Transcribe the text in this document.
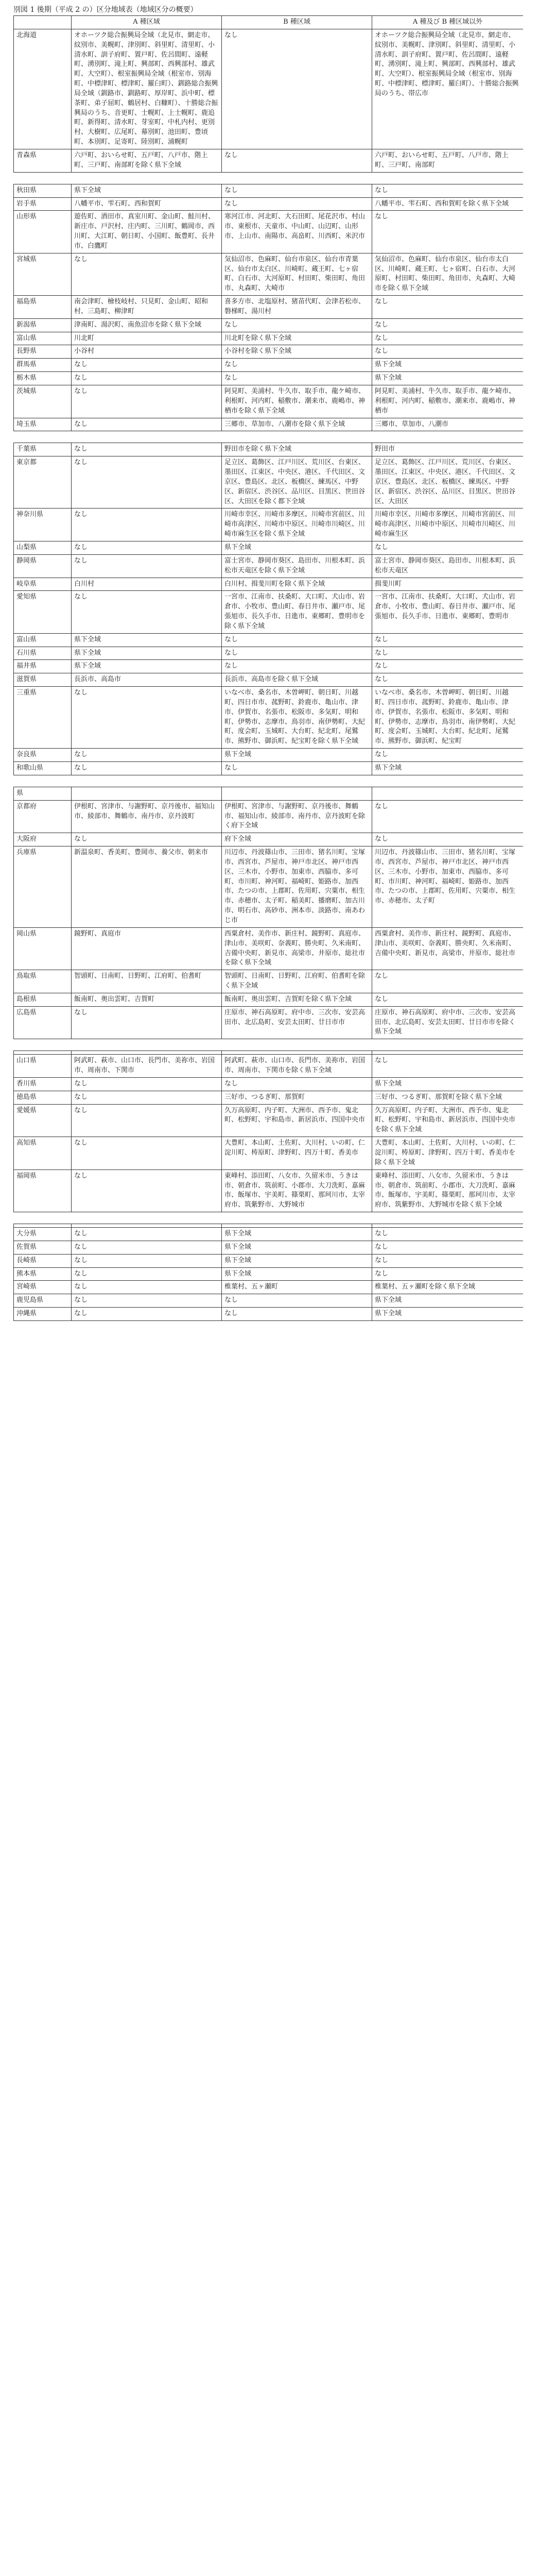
別図 1 後期（平成 2 の）区分地域表（地域区分の概要）
	A 種区域	B 種区域	A 種及び B 種区域以外
北海道	オホーツク総合振興局全域（北見市、網走市、紋別市、美幌町、津別町、斜里町、清里町、小清水町、訓子府町、置戸町、佐呂間町、遠軽町、湧別町、滝上町、興部町、西興部村、雄武町、大空町）、根室振興局全域（根室市、別海町、中標津町、標津町、羅臼町）、釧路総合振興局全域（釧路市、釧路町、厚岸町、浜中町、標茶町、弟子屈町、鶴居村、白糠町）、十勝総合振興局のうち、音更町、士幌町、上士幌町、鹿追町、新得町、清水町、芽室町、中札内村、更別村、大樹町、広尾町、幕別町、池田町、豊頃町、本別町、足寄町、陸別町、浦幌町	なし	オホーツク総合振興局全域（北見市、網走市、紋別市、美幌町、津別町、斜里町、清里町、小清水町、訓子府町、置戸町、佐呂間町、遠軽町、湧別町、滝上町、興部町、西興部村、雄武町、大空町）、根室振興局全域（根室市、別海町、中標津町、標津町、羅臼町）、十勝総合振興局のうち、帯広市
青森県	六戸町、おいらせ町、五戸町、八戸市、階上町、三戸町、南部町を除く県下全域	なし	六戸町、おいらせ町、五戸町、八戸市、階上町、三戸町、南部町

秋田県	県下全域	なし	なし
岩手県	八幡平市、雫石町、西和賀町	なし	八幡平市、雫石町、西和賀町を除く県下全域
山形県	遊佐町、酒田市、真室川町、金山町、鮭川村、新庄市、戸沢村、庄内町、三川町、鶴岡市、西川町、大江町、朝日町、小国町、飯豊町、長井市、白鷹町	寒河江市、河北町、大石田町、尾花沢市、村山市、東根市、天童市、中山町、山辺町、山形市、上山市、南陽市、高畠町、川西町、米沢市	なし
宮城県	なし	気仙沼市、色麻町、仙台市泉区、仙台市青葉区、仙台市太白区、川崎町、蔵王町、七ヶ宿町、白石市、大河原町、村田町、柴田町、角田市、丸森町、大崎市	気仙沼市、色麻町、仙台市泉区、仙台市太白区、川崎町、蔵王町、七ヶ宿町、白石市、大河原町、村田町、柴田町、角田市、丸森町、大崎市を除く県下全域
福島県	南会津町、檜枝岐村、只見町、金山町、昭和村、三島町、柳津町	喜多方市、北塩原村、猪苗代町、会津若松市、磐梯町、湯川村	なし
新潟県	津南町、湯沢町、南魚沼市を除く県下全域	なし	なし
富山県	川北町	川北町を除く県下全域	なし
長野県	小谷村	小谷村を除く県下全域	なし
群馬県	なし	なし	県下全域
栃木県	なし	なし	県下全域
茨城県	なし	阿見町、美浦村、牛久市、取手市、龍ケ崎市、利根町、河内町、稲敷市、潮来市、鹿嶋市、神栖市を除く県下全域	阿見町、美浦村、牛久市、取手市、龍ケ崎市、利根町、河内町、稲敷市、潮来市、鹿嶋市、神栖市
埼玉県	なし	三郷市、草加市、八潮市を除く県下全域	三郷市、草加市、八潮市

千葉県	なし	野田市を除く県下全域	野田市
東京都	なし	足立区、葛飾区、江戸川区、荒川区、台東区、墨田区、江東区、中央区、港区、千代田区、文京区、豊島区、北区、板橋区、練馬区、中野区、新宿区、渋谷区、品川区、目黒区、世田谷区、大田区を除く都下全域	足立区、葛飾区、江戸川区、荒川区、台東区、墨田区、江東区、中央区、港区、千代田区、文京区、豊島区、北区、板橋区、練馬区、中野区、新宿区、渋谷区、品川区、目黒区、世田谷区、大田区
神奈川県	なし	川崎市幸区、川崎市多摩区、川崎市宮前区、川崎市高津区、川崎市中原区、川崎市川崎区、川崎市麻生区を除く県下全域	川崎市幸区、川崎市多摩区、川崎市宮前区、川崎市高津区、川崎市中原区、川崎市川崎区、川崎市麻生区
山梨県	なし	県下全域	なし
静岡県	なし	富士宮市、静岡市葵区、島田市、川根本町、浜松市天竜区を除く県下全域	富士宮市、静岡市葵区、島田市、川根本町、浜松市天竜区
岐阜県	白川村	白川村、揖斐川町を除く県下全域	揖斐川町
愛知県	なし	一宮市、江南市、扶桑町、大口町、犬山市、岩倉市、小牧市、豊山町、春日井市、瀬戸市、尾張旭市、長久手市、日進市、東郷町、豊明市を除く県下全域	一宮市、江南市、扶桑町、大口町、犬山市、岩倉市、小牧市、豊山町、春日井市、瀬戸市、尾張旭市、長久手市、日進市、東郷町、豊明市
富山県	県下全域	なし	なし
石川県	県下全域	なし	なし
福井県	県下全域	なし	なし
滋賀県	長浜市、高島市	長浜市、高島市を除く県下全域	なし
三重県	なし	いなべ市、桑名市、木曽岬町、朝日町、川越町、四日市市、菰野町、鈴鹿市、亀山市、津市、伊賀市、名張市、松阪市、多気町、明和町、伊勢市、志摩市、鳥羽市、南伊勢町、大紀町、度会町、玉城町、大台町、紀北町、尾鷲市、熊野市、御浜町、紀宝町を除く県下全域	いなべ市、桑名市、木曽岬町、朝日町、川越町、四日市市、菰野町、鈴鹿市、亀山市、津市、伊賀市、名張市、松阪市、多気町、明和町、伊勢市、志摩市、鳥羽市、南伊勢町、大紀町、度会町、玉城町、大台町、紀北町、尾鷲市、熊野市、御浜町、紀宝町
奈良県	なし	県下全域	なし
和歌山県	なし	なし	県下全域

県			
京都府	伊根町、宮津市、与謝野町、京丹後市、福知山市、綾部市、舞鶴市、南丹市、京丹波町	伊根町、宮津市、与謝野町、京丹後市、舞鶴市、福知山市、綾部市、南丹市、京丹波町を除く府下全域	なし
大阪府	なし	府下全域	なし
兵庫県	新温泉町、香美町、豊岡市、養父市、朝来市	川辺市、丹波篠山市、三田市、猪名川町、宝塚市、西宮市、芦屋市、神戸市北区、神戸市西区、三木市、小野市、加東市、西脇市、多可町、市川町、神河町、福崎町、姫路市、加西市、たつの市、上郡町、佐用町、宍粟市、相生市、赤穂市、太子町、稲美町、播磨町、加古川市、明石市、高砂市、洲本市、淡路市、南あわじ市	川辺市、丹波篠山市、三田市、猪名川町、宝塚市、西宮市、芦屋市、神戸市北区、神戸市西区、三木市、小野市、加東市、西脇市、多可町、市川町、神河町、福崎町、姫路市、加西市、たつの市、上郡町、佐用町、宍粟市、相生市、赤穂市、太子町
岡山県	鏡野町、真庭市	西粟倉村、美作市、新庄村、鏡野町、真庭市、津山市、美咲町、奈義町、勝央町、久米南町、吉備中央町、新見市、高梁市、井原市、総社市を除く県下全域	西粟倉村、美作市、新庄村、鏡野町、真庭市、津山市、美咲町、奈義町、勝央町、久米南町、吉備中央町、新見市、高梁市、井原市、総社市
鳥取県	智頭町、日南町、日野町、江府町、伯耆町	智頭町、日南町、日野町、江府町、伯耆町を除く県下全域	なし
島根県	飯南町、奥出雲町、吉賀町	飯南町、奥出雲町、吉賀町を除く県下全域	なし
広島県	なし	庄原市、神石高原町、府中市、三次市、安芸高田市、北広島町、安芸太田町、廿日市市	庄原市、神石高原町、府中市、三次市、安芸高田市、北広島町、安芸太田町、廿日市市を除く県下全域

山口県	阿武町、萩市、山口市、長門市、美祢市、岩国市、周南市、下関市	阿武町、萩市、山口市、長門市、美祢市、岩国市、周南市、下関市を除く県下全域	なし
香川県	なし	なし	県下全域
徳島県	なし	三好市、つるぎ町、那賀町	三好市、つるぎ町、那賀町を除く県下全域
愛媛県	なし	久万高原町、内子町、大洲市、西予市、鬼北町、松野町、宇和島市、新居浜市、四国中央市	久万高原町、内子町、大洲市、西予市、鬼北町、松野町、宇和島市、新居浜市、四国中央市を除く県下全域
高知県	なし	大豊町、本山町、土佐町、大川村、いの町、仁淀川町、梼原町、津野町、四万十町、香美市	大豊町、本山町、土佐町、大川村、いの町、仁淀川町、梼原町、津野町、四万十町、香美市を除く県下全域
福岡県	なし	東峰村、添田町、八女市、久留米市、うきは市、朝倉市、筑前町、小郡市、大刀洗町、嘉麻市、飯塚市、宇美町、篠栗町、那珂川市、太宰府市、筑紫野市、大野城市	東峰村、添田町、八女市、久留米市、うきは市、朝倉市、筑前町、小郡市、大刀洗町、嘉麻市、飯塚市、宇美町、篠栗町、那珂川市、太宰府市、筑紫野市、大野城市を除く県下全域

大分県	なし	県下全域	なし
佐賀県	なし	県下全域	なし
長崎県	なし	県下全域	なし
熊本県	なし	県下全域	なし
宮崎県	なし	椎葉村、五ヶ瀬町	椎葉村、五ヶ瀬町を除く県下全域
鹿児島県	なし	なし	県下全域
沖縄県	なし	なし	県下全域
